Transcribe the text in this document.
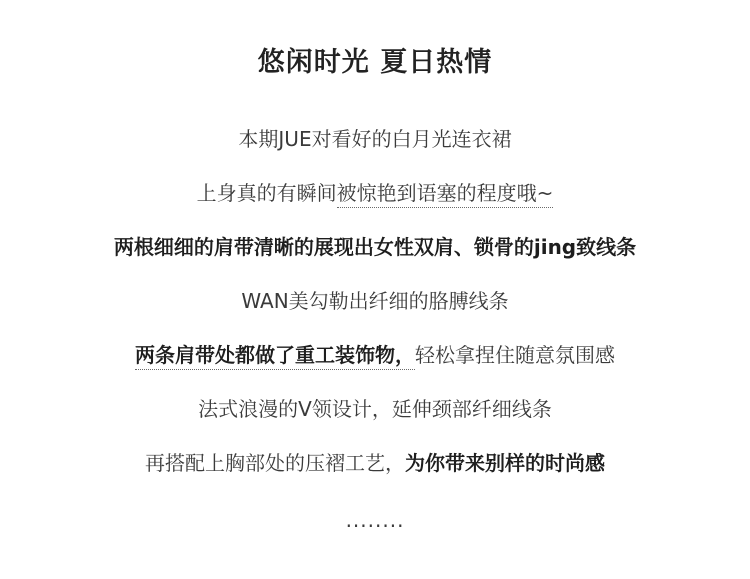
悠闲时光 夏日热情
本期JUE对看好的白月光连衣裙
上身真的有瞬间被惊艳到语塞的程度哦~
两根细细的肩带清晰的展现出女性双肩、锁骨的jing致线条
WAN美勾勒出纤细的胳膊线条
两条肩带处都做了重工装饰物，轻松拿捏住随意氛围感
法式浪漫的V领设计，延伸颈部纤细线条
再搭配上胸部处的压褶工艺，为你带来别样的时尚感
........
